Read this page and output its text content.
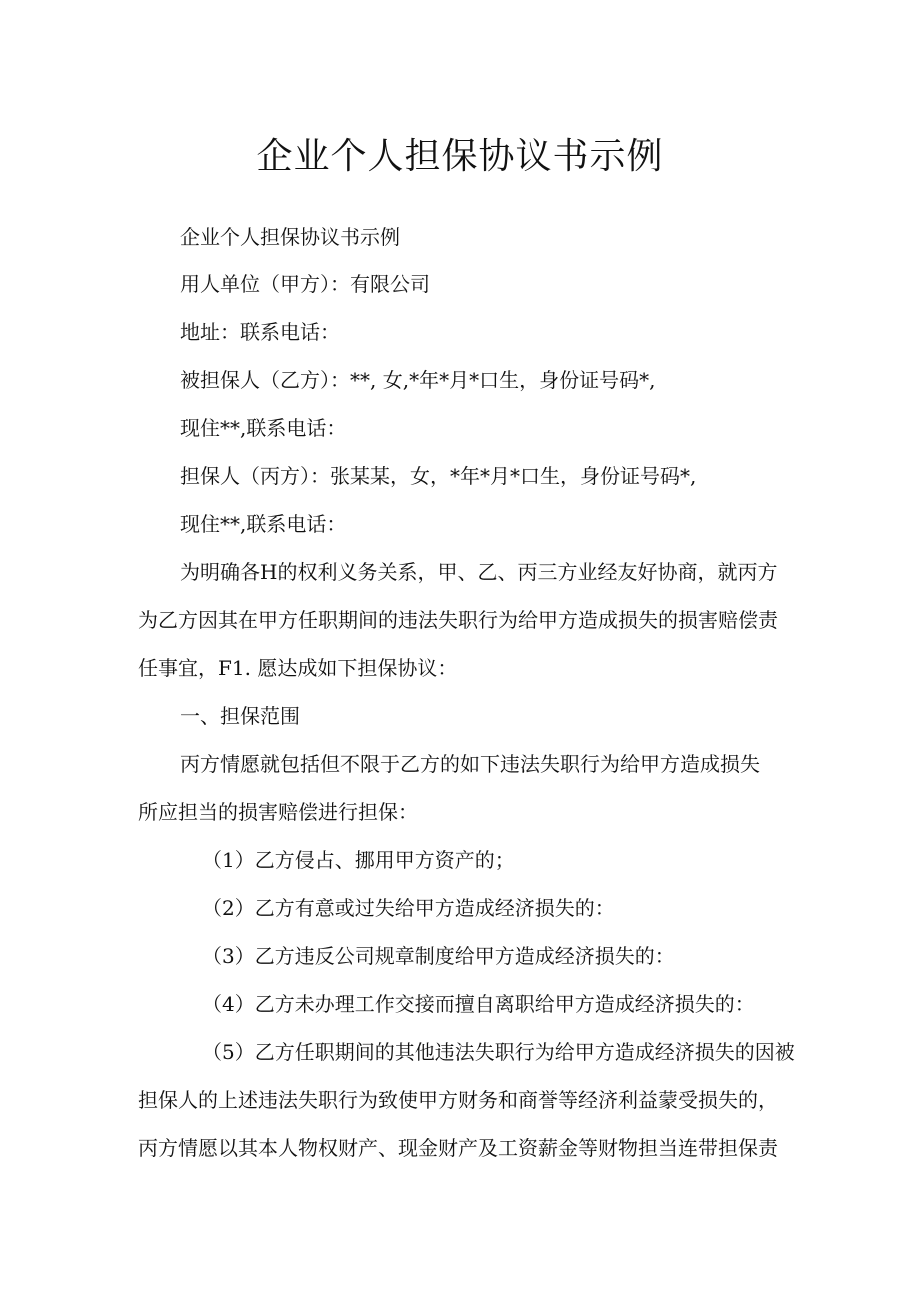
企业个人担保协议书示例
企业个人担保协议书示例
用人单位（甲方）：有限公司
地址：联系电话：
被担保人（乙方）：**, 女,*年*月*口生，身份证号码*,
现住**,联系电话：
担保人（丙方）：张某某，女，*年*月*口生，身份证号码*,
现住**,联系电话：
为明确各H的权利义务关系，甲、乙、丙三方业经友好协商，就丙方
为乙方因其在甲方任职期间的违法失职行为给甲方造成损失的损害赔偿责
任事宜，F1. 愿达成如下担保协议：
一、担保范围
丙方情愿就包括但不限于乙方的如下违法失职行为给甲方造成损失
所应担当的损害赔偿进行担保：
（1）乙方侵占、挪用甲方资产的；
（2）乙方有意或过失给甲方造成经济损失的：
（3）乙方违反公司规章制度给甲方造成经济损失的：
（4）乙方未办理工作交接而擅自离职给甲方造成经济损失的：
（5）乙方任职期间的其他违法失职行为给甲方造成经济损失的因被
担保人的上述违法失职行为致使甲方财务和商誉等经济利益蒙受损失的，
丙方情愿以其本人物权财产、现金财产及工资薪金等财物担当连带担保责
